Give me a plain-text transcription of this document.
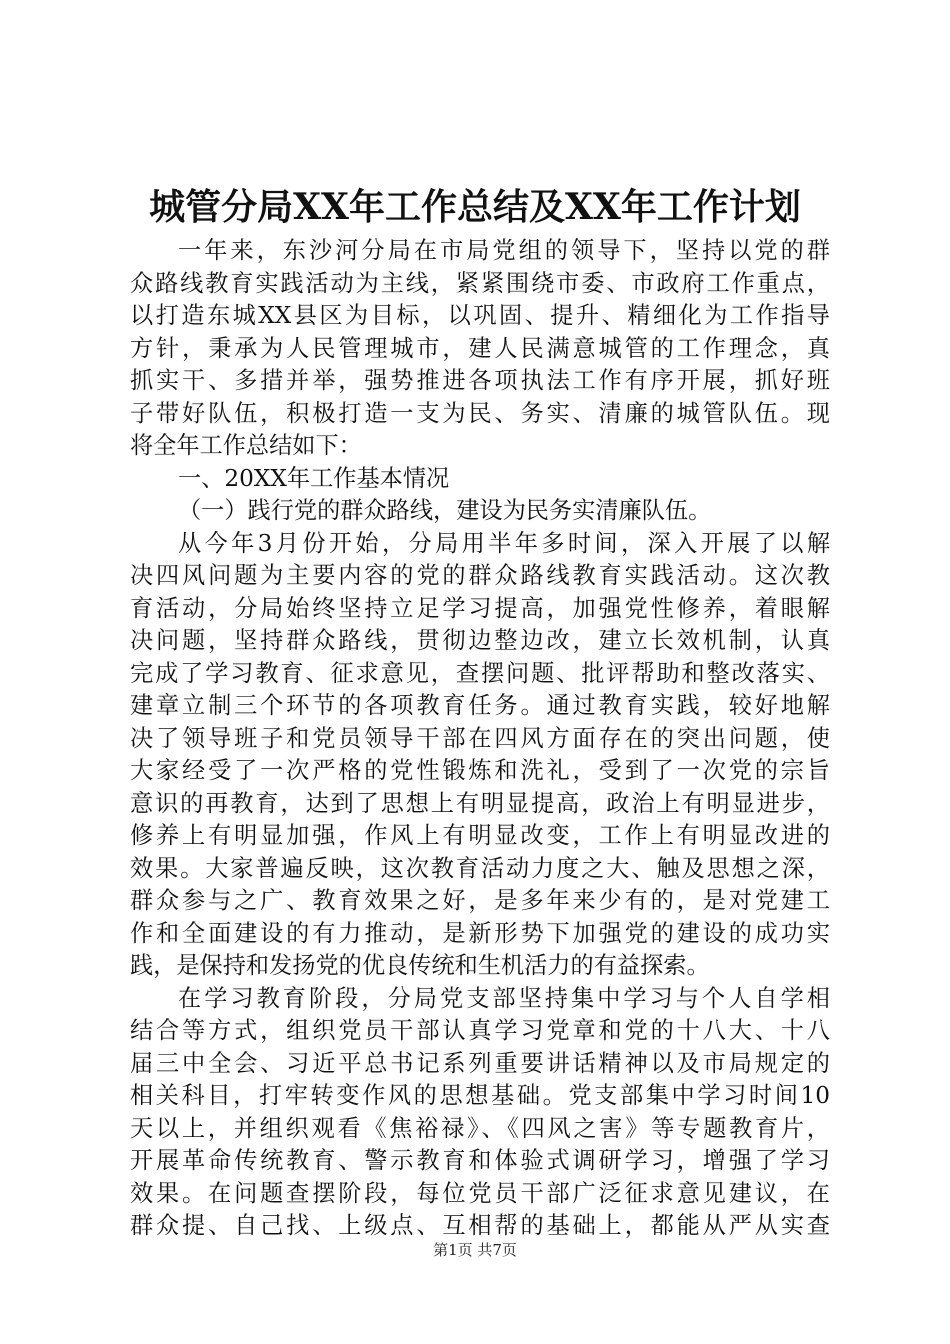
城管分局XX年工作总结及XX年工作计划
一年来，东沙河分局在市局党组的领导下，坚持以党的群
众路线教育实践活动为主线，紧紧围绕市委、市政府工作重点，
以打造东城XX县区为目标，以巩固、提升、精细化为工作指导
方针，秉承为人民管理城市，建人民满意城管的工作理念，真
抓实干、多措并举，强势推进各项执法工作有序开展，抓好班
子带好队伍，积极打造一支为民、务实、清廉的城管队伍。现
将全年工作总结如下：
一、20XX年工作基本情况
（一）践行党的群众路线，建设为民务实清廉队伍。
从今年3月份开始，分局用半年多时间，深入开展了以解
决四风问题为主要内容的党的群众路线教育实践活动。这次教
育活动，分局始终坚持立足学习提高，加强党性修养，着眼解
决问题，坚持群众路线，贯彻边整边改，建立长效机制，认真
完成了学习教育、征求意见，查摆问题、批评帮助和整改落实、
建章立制三个环节的各项教育任务。通过教育实践，较好地解
决了领导班子和党员领导干部在四风方面存在的突出问题，使
大家经受了一次严格的党性锻炼和洗礼，受到了一次党的宗旨
意识的再教育，达到了思想上有明显提高，政治上有明显进步，
修养上有明显加强，作风上有明显改变，工作上有明显改进的
效果。大家普遍反映，这次教育活动力度之大、触及思想之深，
群众参与之广、教育效果之好，是多年来少有的，是对党建工
作和全面建设的有力推动，是新形势下加强党的建设的成功实
践，是保持和发扬党的优良传统和生机活力的有益探索。
在学习教育阶段，分局党支部坚持集中学习与个人自学相
结合等方式，组织党员干部认真学习党章和党的十八大、十八
届三中全会、习近平总书记系列重要讲话精神以及市局规定的
相关科目，打牢转变作风的思想基础。党支部集中学习时间10
天以上，并组织观看《焦裕禄》、《四风之害》等专题教育片，
开展革命传统教育、警示教育和体验式调研学习，增强了学习
效果。在问题查摆阶段，每位党员干部广泛征求意见建议，在
群众提、自己找、上级点、互相帮的基础上，都能从严从实查
第1页 共7页
